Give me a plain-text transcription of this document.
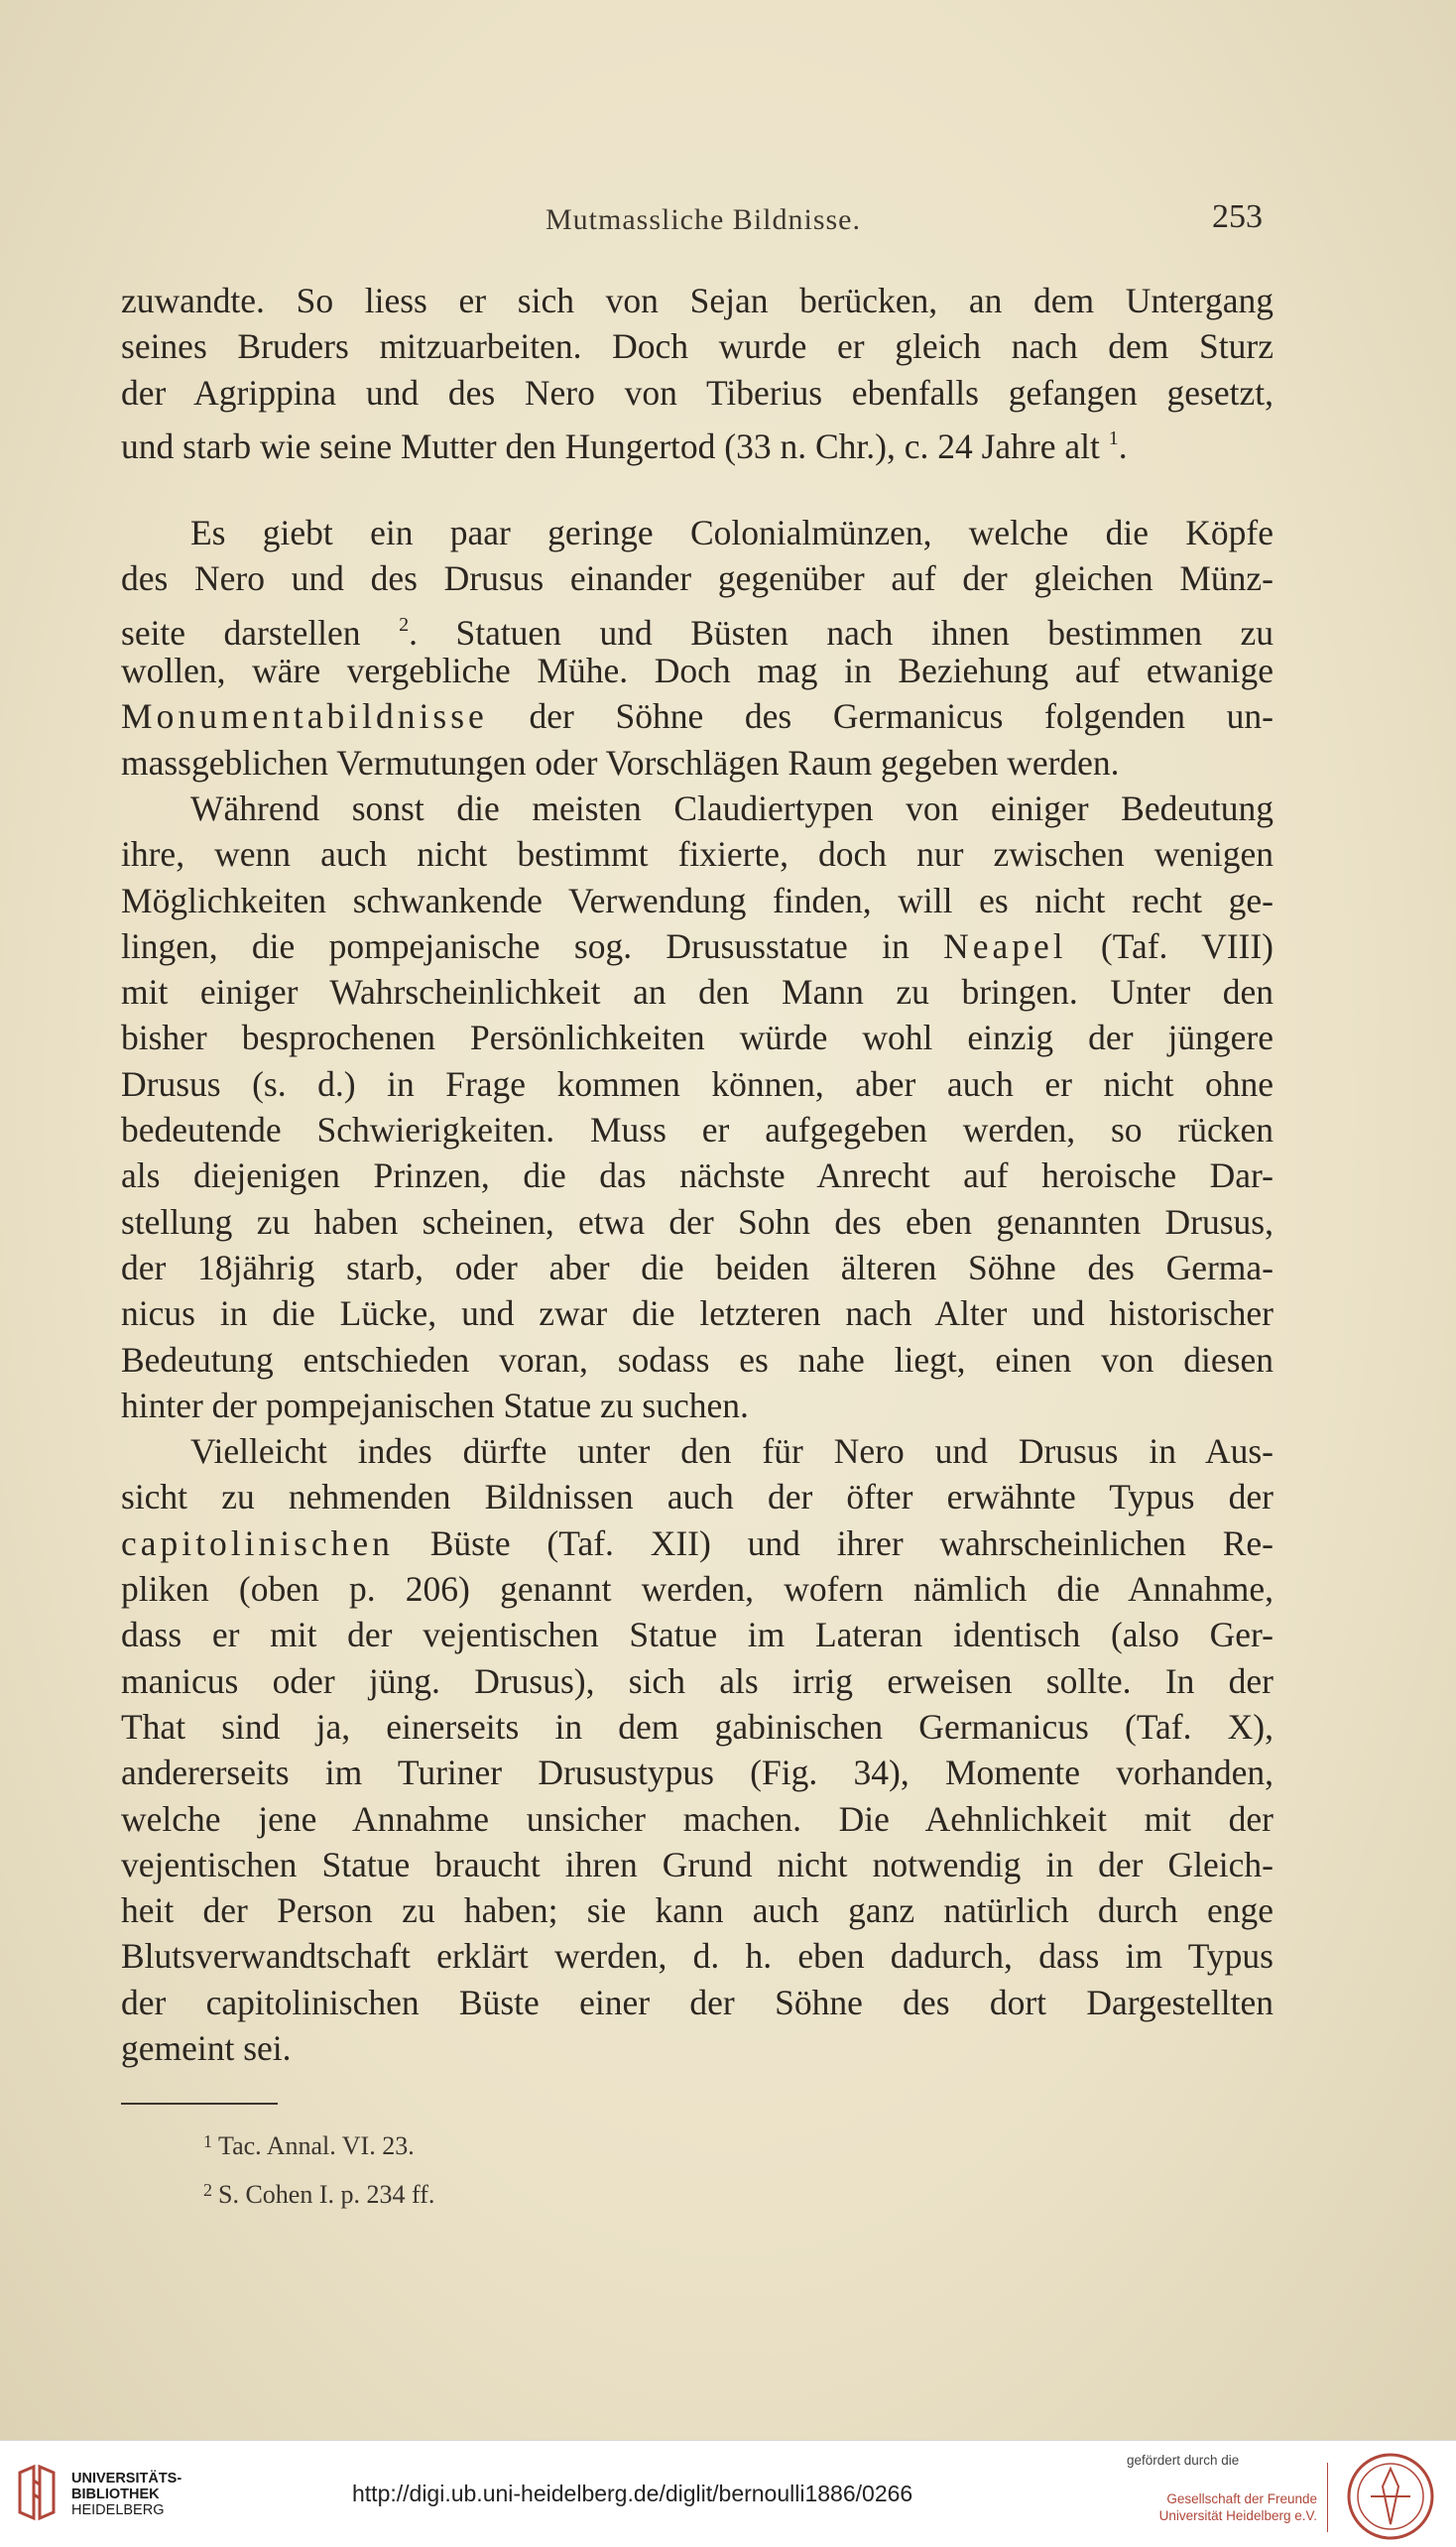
Mutmassliche Bildnisse.	253

zuwandte. So liess er sich von Sejan berücken, an dem Untergang
seines Bruders mitzuarbeiten. Doch wurde er gleich nach dem Sturz
der Agrippina und des Nero von Tiberius ebenfalls gefangen gesetzt,
und starb wie seine Mutter den Hungertod (33 n. Chr.), c. 24 Jahre alt $^1$.

Es giebt ein paar geringe Colonialmünzen, welche die Köpfe
des Nero und des Drusus einander gegenüber auf der gleichen Münz-
seite darstellen $^2$. Statuen und Büsten nach ihnen bestimmen zu
wollen, wäre vergebliche Mühe. Doch mag in Beziehung auf etwanige
Monumentabildnisse der Söhne des Germanicus folgenden un-
massgeblichen Vermutungen oder Vorschlägen Raum gegeben werden.

Während sonst die meisten Claudiertypen von einiger Bedeutung
ihre, wenn auch nicht bestimmt fixierte, doch nur zwischen wenigen
Möglichkeiten schwankende Verwendung finden, will es nicht recht ge-
lingen, die pompejanische sog. Drususstatue in Neapel (Taf. VIII)
mit einiger Wahrscheinlichkeit an den Mann zu bringen. Unter den
bisher besprochenen Persönlichkeiten würde wohl einzig der jüngere
Drusus (s. d.) in Frage kommen können, aber auch er nicht ohne
bedeutende Schwierigkeiten. Muss er aufgegeben werden, so rücken
als diejenigen Prinzen, die das nächste Anrecht auf heroische Dar-
stellung zu haben scheinen, etwa der Sohn des eben genannten Drusus,
der 18jährig starb, oder aber die beiden älteren Söhne des Germa-
nicus in die Lücke, und zwar die letzteren nach Alter und historischer
Bedeutung entschieden voran, sodass es nahe liegt, einen von diesen
hinter der pompejanischen Statue zu suchen.

Vielleicht indes dürfte unter den für Nero und Drusus in Aus-
sicht zu nehmenden Bildnissen auch der öfter erwähnte Typus der
capitolinischen Büste (Taf. XII) und ihrer wahrscheinlichen Re-
pliken (oben p. 206) genannt werden, wofern nämlich die Annahme,
dass er mit der vejentischen Statue im Lateran identisch (also Ger-
manicus oder jüng. Drusus), sich als irrig erweisen sollte. In der
That sind ja, einerseits in dem gabinischen Germanicus (Taf. X),
andererseits im Turiner Drusustypus (Fig. 34), Momente vorhanden,
welche jene Annahme unsicher machen. Die Aehnlichkeit mit der
vejentischen Statue braucht ihren Grund nicht notwendig in der Gleich-
heit der Person zu haben; sie kann auch ganz natürlich durch enge
Blutsverwandtschaft erklärt werden, d. h. eben dadurch, dass im Typus
der capitolinischen Büste einer der Söhne des dort Dargestellten
gemeint sei.

$^1$ Tac. Annal. VI. 23.
$^2$ S. Cohen I. p. 234 ff.
UNIVERSITÄTS-
BIBLIOTHEK
HEIDELBERG
http://digi.ub.uni-heidelberg.de/diglit/bernoulli1886/0266
gefördert durch die
Gesellschaft der Freunde
Universität Heidelberg e.V.
